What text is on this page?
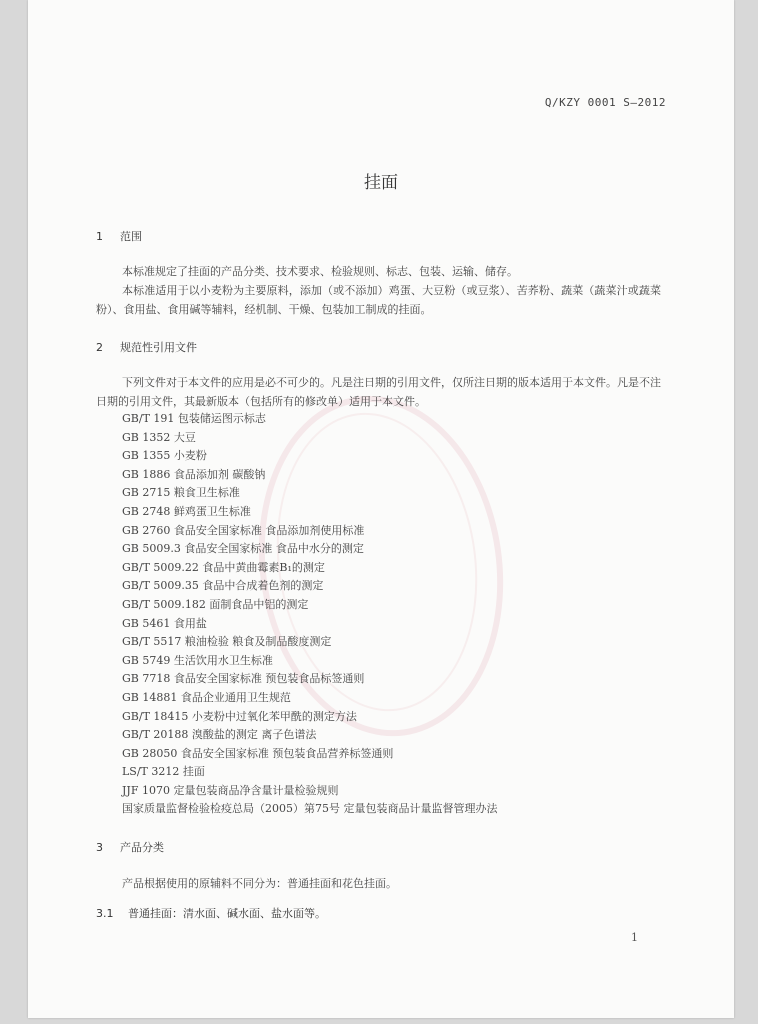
Q/KZY 0001 S—2012
挂面
1 范围
本标准规定了挂面的产品分类、技术要求、检验规则、标志、包装、运输、储存。
本标准适用于以小麦粉为主要原料，添加（或不添加）鸡蛋、大豆粉（或豆浆）、苦荞粉、蔬菜（蔬菜汁或蔬菜粉）、食用盐、食用碱等辅料，经机制、干燥、包装加工制成的挂面。
2 规范性引用文件
下列文件对于本文件的应用是必不可少的。凡是注日期的引用文件，仅所注日期的版本适用于本文件。凡是不注日期的引用文件，其最新版本（包括所有的修改单）适用于本文件。
GB/T 191 包装储运图示标志
GB 1352 大豆
GB 1355 小麦粉
GB 1886 食品添加剂 碳酸钠
GB 2715 粮食卫生标准
GB 2748 鲜鸡蛋卫生标准
GB 2760 食品安全国家标准 食品添加剂使用标准
GB 5009.3 食品安全国家标准 食品中水分的测定
GB/T 5009.22 食品中黄曲霉素B₁的测定
GB/T 5009.35 食品中合成着色剂的测定
GB/T 5009.182 面制食品中铝的测定
GB 5461 食用盐
GB/T 5517 粮油检验 粮食及制品酸度测定
GB 5749 生活饮用水卫生标准
GB 7718 食品安全国家标准 预包装食品标签通则
GB 14881 食品企业通用卫生规范
GB/T 18415 小麦粉中过氧化苯甲酰的测定方法
GB/T 20188 溴酸盐的测定 离子色谱法
GB 28050 食品安全国家标准 预包装食品营养标签通则
LS/T 3212 挂面
JJF 1070 定量包装商品净含量计量检验规则
国家质量监督检验检疫总局（2005）第75号 定量包装商品计量监督管理办法
3 产品分类
产品根据使用的原辅料不同分为：普通挂面和花色挂面。
3.1 普通挂面：清水面、碱水面、盐水面等。
1
